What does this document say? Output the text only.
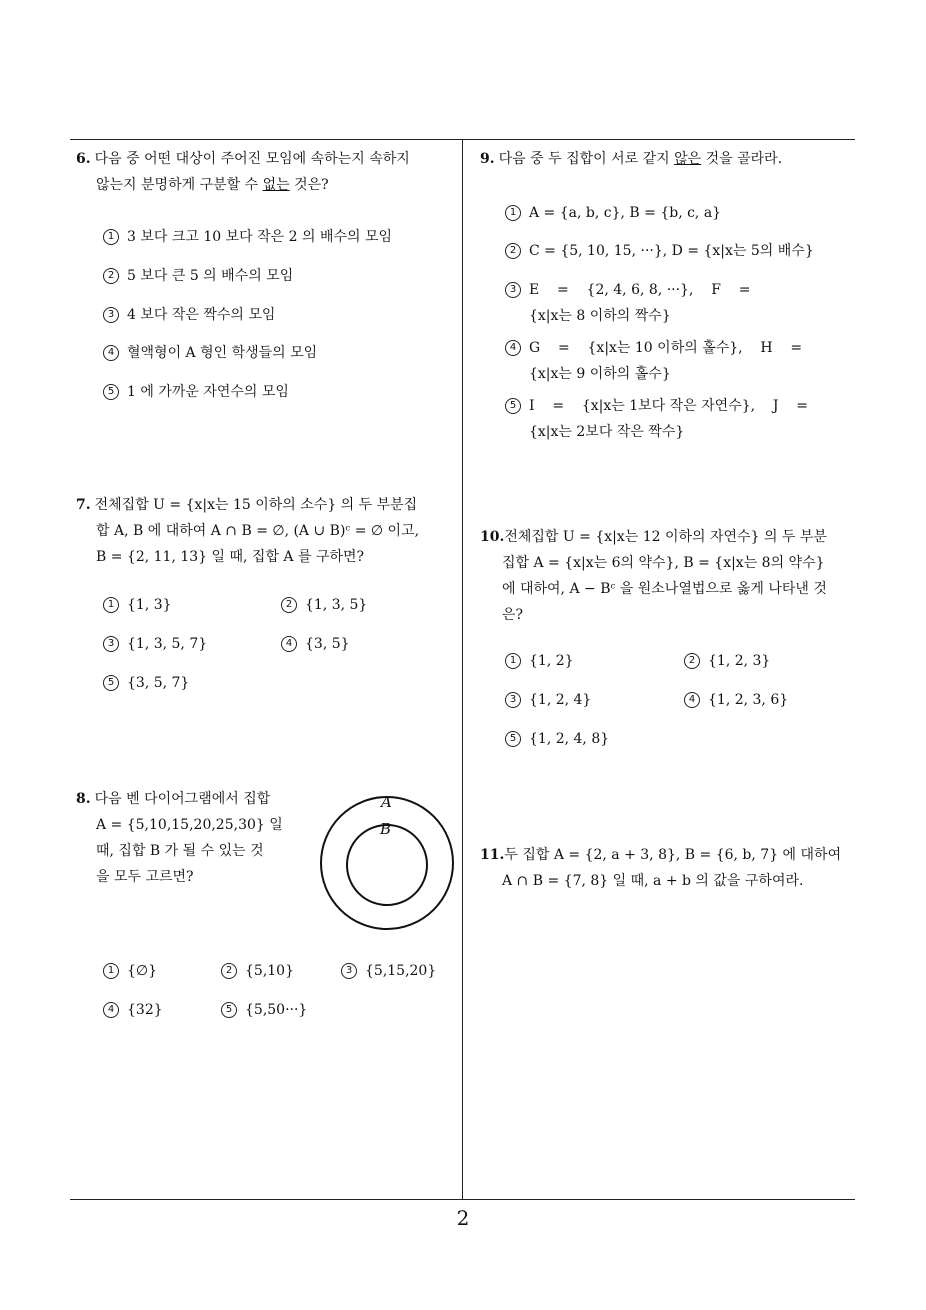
6. 다음 중 어떤 대상이 주어진 모임에 속하는지 속하지
않는지 분명하게 구분할 수 없는 것은?
1 3 보다 크고 10 보다 작은 2 의 배수의 모임
2 5 보다 큰 5 의 배수의 모임
3 4 보다 작은 짝수의 모임
4 혈액형이 A 형인 학생들의 모임
5 1 에 가까운 자연수의 모임
7. 전체집합 U = {x|x는 15 이하의 소수} 의 두 부분집
합 A, B 에 대하여 A ∩ B = ∅, (A ∪ B)ᶜ = ∅ 이고,
B = {2, 11, 13} 일 때, 집합 A 를 구하면?
1 {1, 3}	2 {1, 3, 5}
3 {1, 3, 5, 7}	4 {3, 5}
5 {3, 5, 7}
8. 다음 벤 다이어그램에서 집합
A = {5,10,15,20,25,30} 일
때, 집합 B 가 될 수 있는 것
을 모두 고르면?
A
B
1 {∅}	2 {5,10}	3 {5,15,20}
4 {32}	5 {5,50···}
9. 다음 중 두 집합이 서로 같지 않은 것을 골라라.
1 A = {a, b, c}, B = {b, c, a}
2 C = {5, 10, 15, ···}, D = {x|x는 5의 배수}
3 E    =    {2, 4, 6, 8, ···},    F    =
{x|x는 8 이하의 짝수}
4 G    =    {x|x는 10 이하의 홀수},    H    =
{x|x는 9 이하의 홀수}
5 I    =    {x|x는 1보다 작은 자연수},    J    =
{x|x는 2보다 작은 짝수}
10.전체집합 U = {x|x는 12 이하의 자연수} 의 두 부분
집합 A = {x|x는 6의 약수}, B = {x|x는 8의 약수}
에 대하여, A − Bᶜ 을 원소나열법으로 옳게 나타낸 것
은?
1 {1, 2}	2 {1, 2, 3}
3 {1, 2, 4}	4 {1, 2, 3, 6}
5 {1, 2, 4, 8}
11.두 집합 A = {2, a + 3, 8}, B = {6, b, 7} 에 대하여
A ∩ B = {7, 8} 일 때, a + b 의 값을 구하여라.
2
